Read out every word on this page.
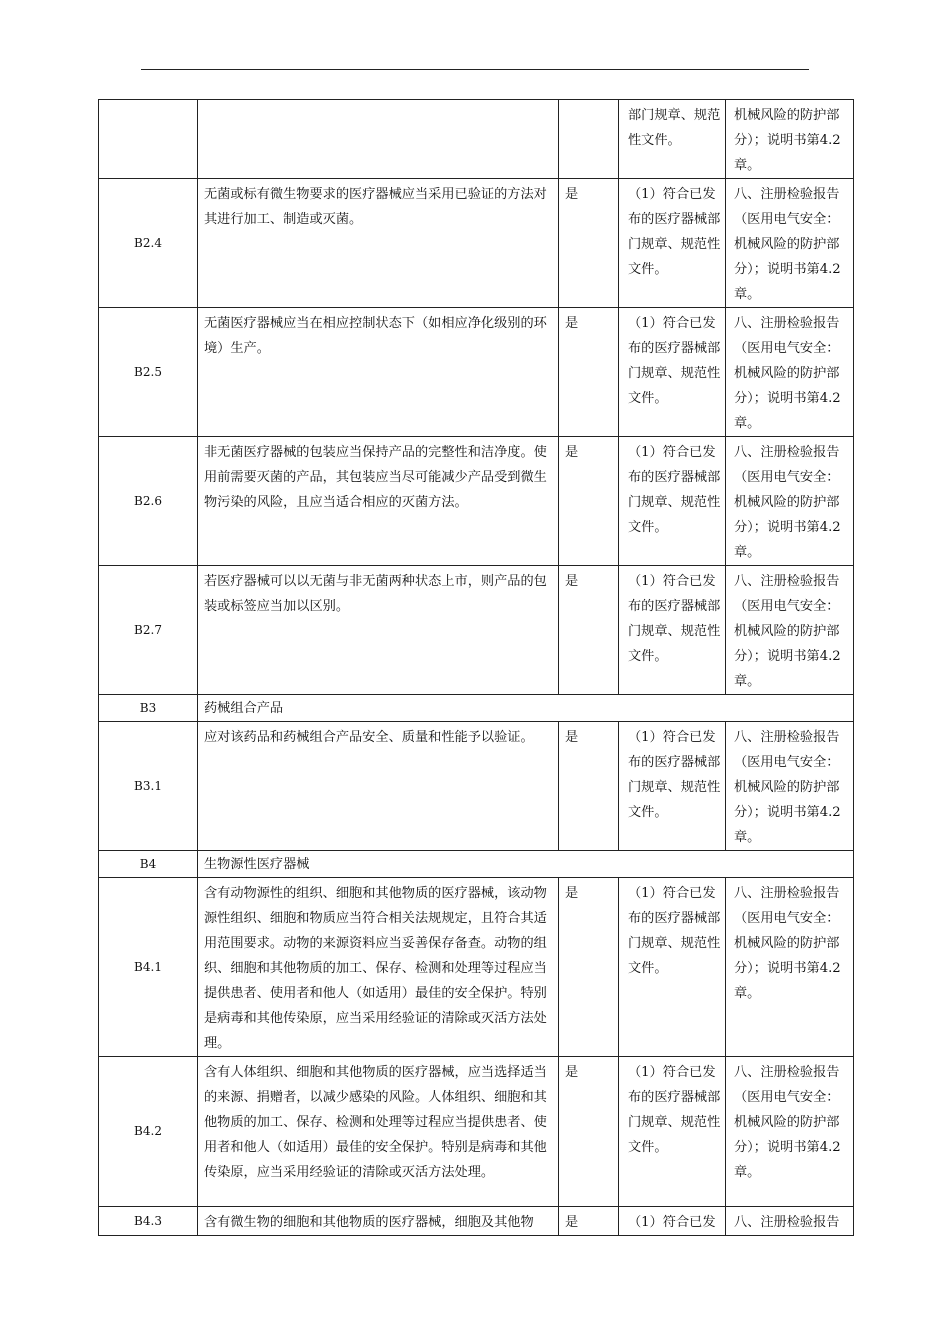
			部门规章、规范性文件。	机械风险的防护部分）；说明书第4.2章。
B2.4	无菌或标有微生物要求的医疗器械应当采用已验证的方法对其进行加工、制造或灭菌。	是	（1）符合已发布的医疗器械部门规章、规范性文件。	八、注册检验报告（医用电气安全：机械风险的防护部分）；说明书第4.2章。
B2.5	无菌医疗器械应当在相应控制状态下（如相应净化级别的环境）生产。	是	（1）符合已发布的医疗器械部门规章、规范性文件。	八、注册检验报告（医用电气安全：机械风险的防护部分）；说明书第4.2章。
B2.6	非无菌医疗器械的包装应当保持产品的完整性和洁净度。使用前需要灭菌的产品，其包装应当尽可能减少产品受到微生物污染的风险，且应当适合相应的灭菌方法。	是	（1）符合已发布的医疗器械部门规章、规范性文件。	八、注册检验报告（医用电气安全：机械风险的防护部分）；说明书第4.2章。
B2.7	若医疗器械可以以无菌与非无菌两种状态上市，则产品的包装或标签应当加以区别。	是	（1）符合已发布的医疗器械部门规章、规范性文件。	八、注册检验报告（医用电气安全：机械风险的防护部分）；说明书第4.2章。
B3	药械组合产品			
B3.1	应对该药品和药械组合产品安全、质量和性能予以验证。	是	（1）符合已发布的医疗器械部门规章、规范性文件。	八、注册检验报告（医用电气安全：机械风险的防护部分）；说明书第4.2章。
B4	生物源性医疗器械			
B4.1	含有动物源性的组织、细胞和其他物质的医疗器械，该动物源性组织、细胞和物质应当符合相关法规规定，且符合其适用范围要求。动物的来源资料应当妥善保存备查。动物的组织、细胞和其他物质的加工、保存、检测和处理等过程应当提供患者、使用者和他人（如适用）最佳的安全保护。特别是病毒和其他传染原，应当采用经验证的清除或灭活方法处理。	是	（1）符合已发布的医疗器械部门规章、规范性文件。	八、注册检验报告（医用电气安全：机械风险的防护部分）；说明书第4.2章。
B4.2	含有人体组织、细胞和其他物质的医疗器械，应当选择适当的来源、捐赠者，以减少感染的风险。人体组织、细胞和其他物质的加工、保存、检测和处理等过程应当提供患者、使用者和他人（如适用）最佳的安全保护。特别是病毒和其他传染原，应当采用经验证的清除或灭活方法处理。	是	（1）符合已发布的医疗器械部门规章、规范性文件。	八、注册检验报告（医用电气安全：机械风险的防护部分）；说明书第4.2章。
B4.3	含有微生物的细胞和其他物质的医疗器械，细胞及其他物	是	（1）符合已发	八、注册检验报告
